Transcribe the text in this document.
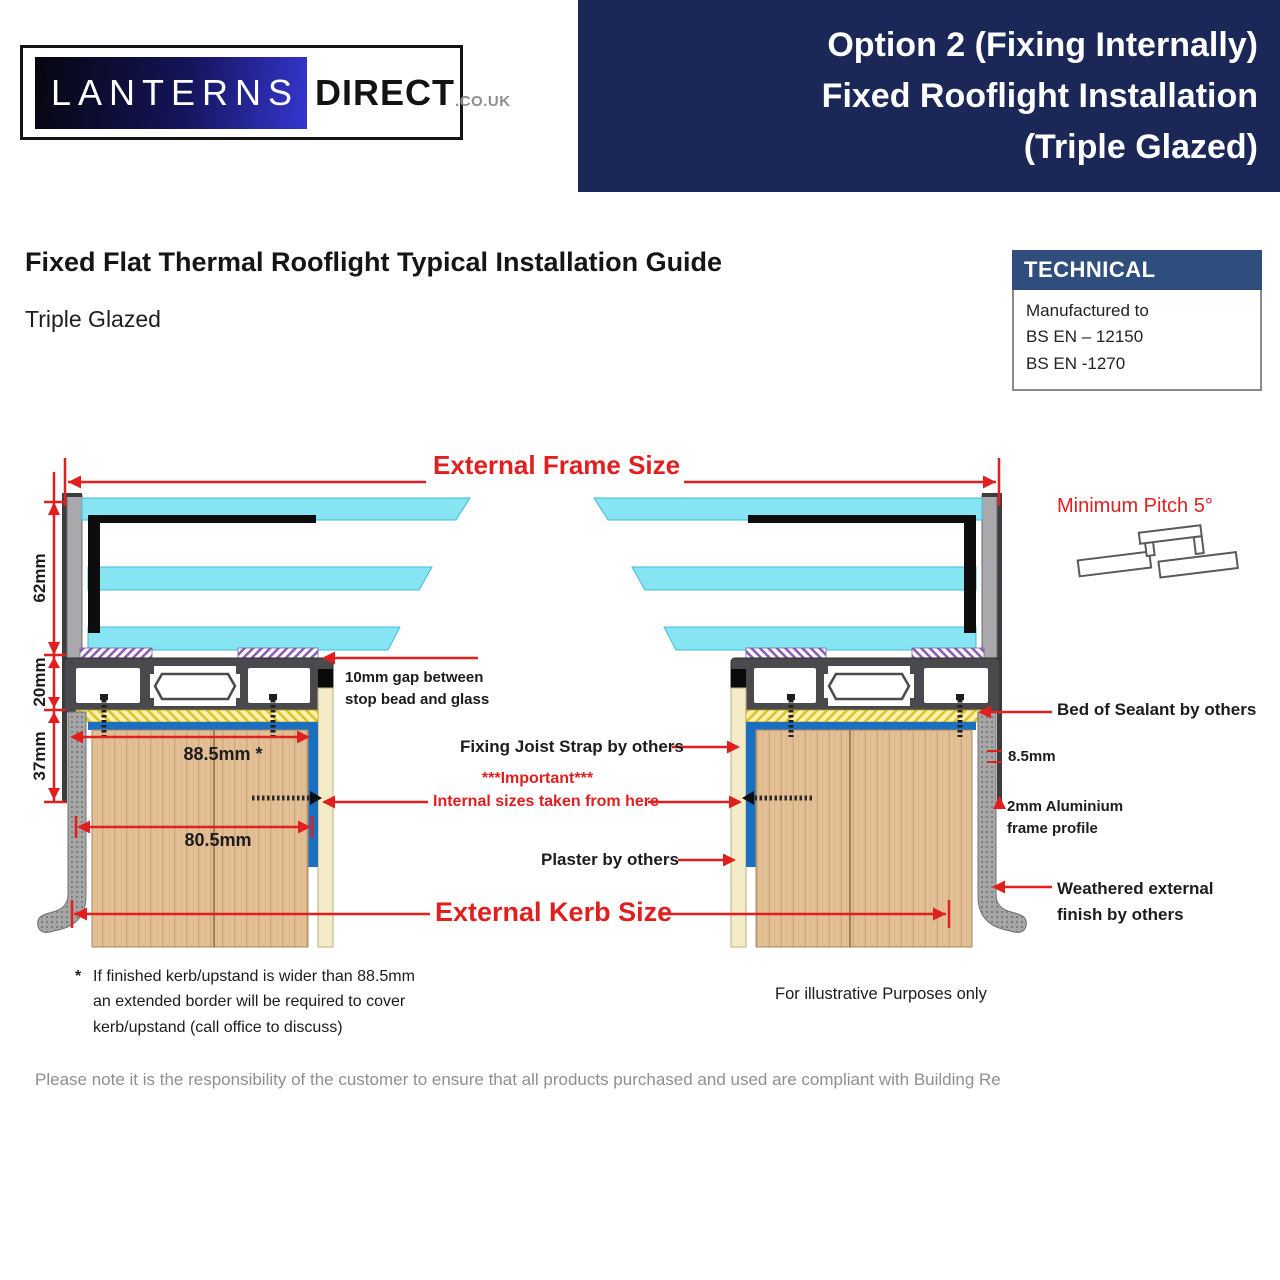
LANTERNS DIRECT .CO.UK
Option 2 (Fixing Internally)
Fixed Rooflight Installation
(Triple Glazed)
Fixed Flat Thermal Rooflight Typical Installation Guide
Triple Glazed
TECHNICAL
Manufactured to
BS EN – 12150
BS EN -1270
External Frame Size
Minimum Pitch 5°
62mm
20mm
37mm	88.5mm *
80.5mm
10mm gap between
stop bead and glass
Fixing Joist Strap by others
***Important***
Internal sizes taken from here
Plaster by others
External Kerb Size
Bed of Sealant by others
8.5mm
2mm Aluminium
frame profile
Weathered external
finish by others
* If finished kerb/upstand is wider than 88.5mm
an extended border will be required to cover
kerb/upstand (call office to discuss)
For illustrative Purposes only
Please note it is the responsibility of the customer to ensure that all products purchased and used are compliant with Building Re
